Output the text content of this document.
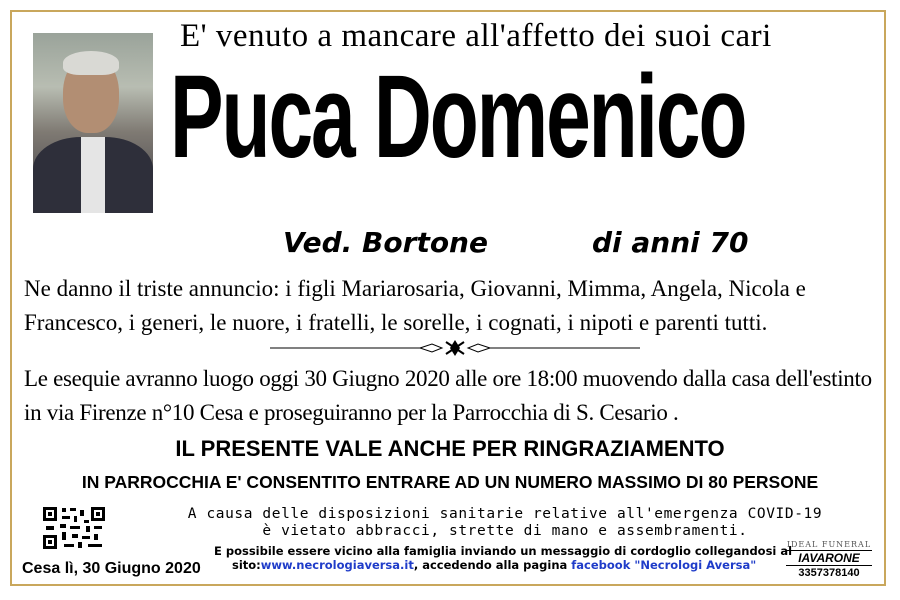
E' venuto a mancare all'affetto dei suoi cari
Puca Domenico
Ved. Bortone	di anni 70
Ne danno il triste annuncio: i figli Mariarosaria, Giovanni, Mimma, Angela, Nicola e Francesco, i generi, le nuore, i fratelli, le sorelle, i cognati, i nipoti e parenti tutti.
Le esequie avranno luogo oggi 30 Giugno 2020 alle ore 18:00 muovendo dalla casa dell'estinto in via Firenze n°10 Cesa e proseguiranno per la Parrocchia di S. Cesario .
IL PRESENTE VALE ANCHE PER RINGRAZIAMENTO
IN PARROCCHIA E' CONSENTITO ENTRARE AD UN NUMERO MASSIMO DI 80 PERSONE
A causa delle disposizioni sanitarie relative all'emergenza COVID-19
è vietato abbracci, strette di mano e assembramenti.
E possibile essere vicino alla famiglia inviando un messaggio di cordoglio collegandosi al
sito:www.necrologiaversa.it, accedendo alla pagina facebook "Necrologi Aversa"
Cesa lì, 30 Giugno 2020
IDEAL FUNERAL
IAVARONE
3357378140
